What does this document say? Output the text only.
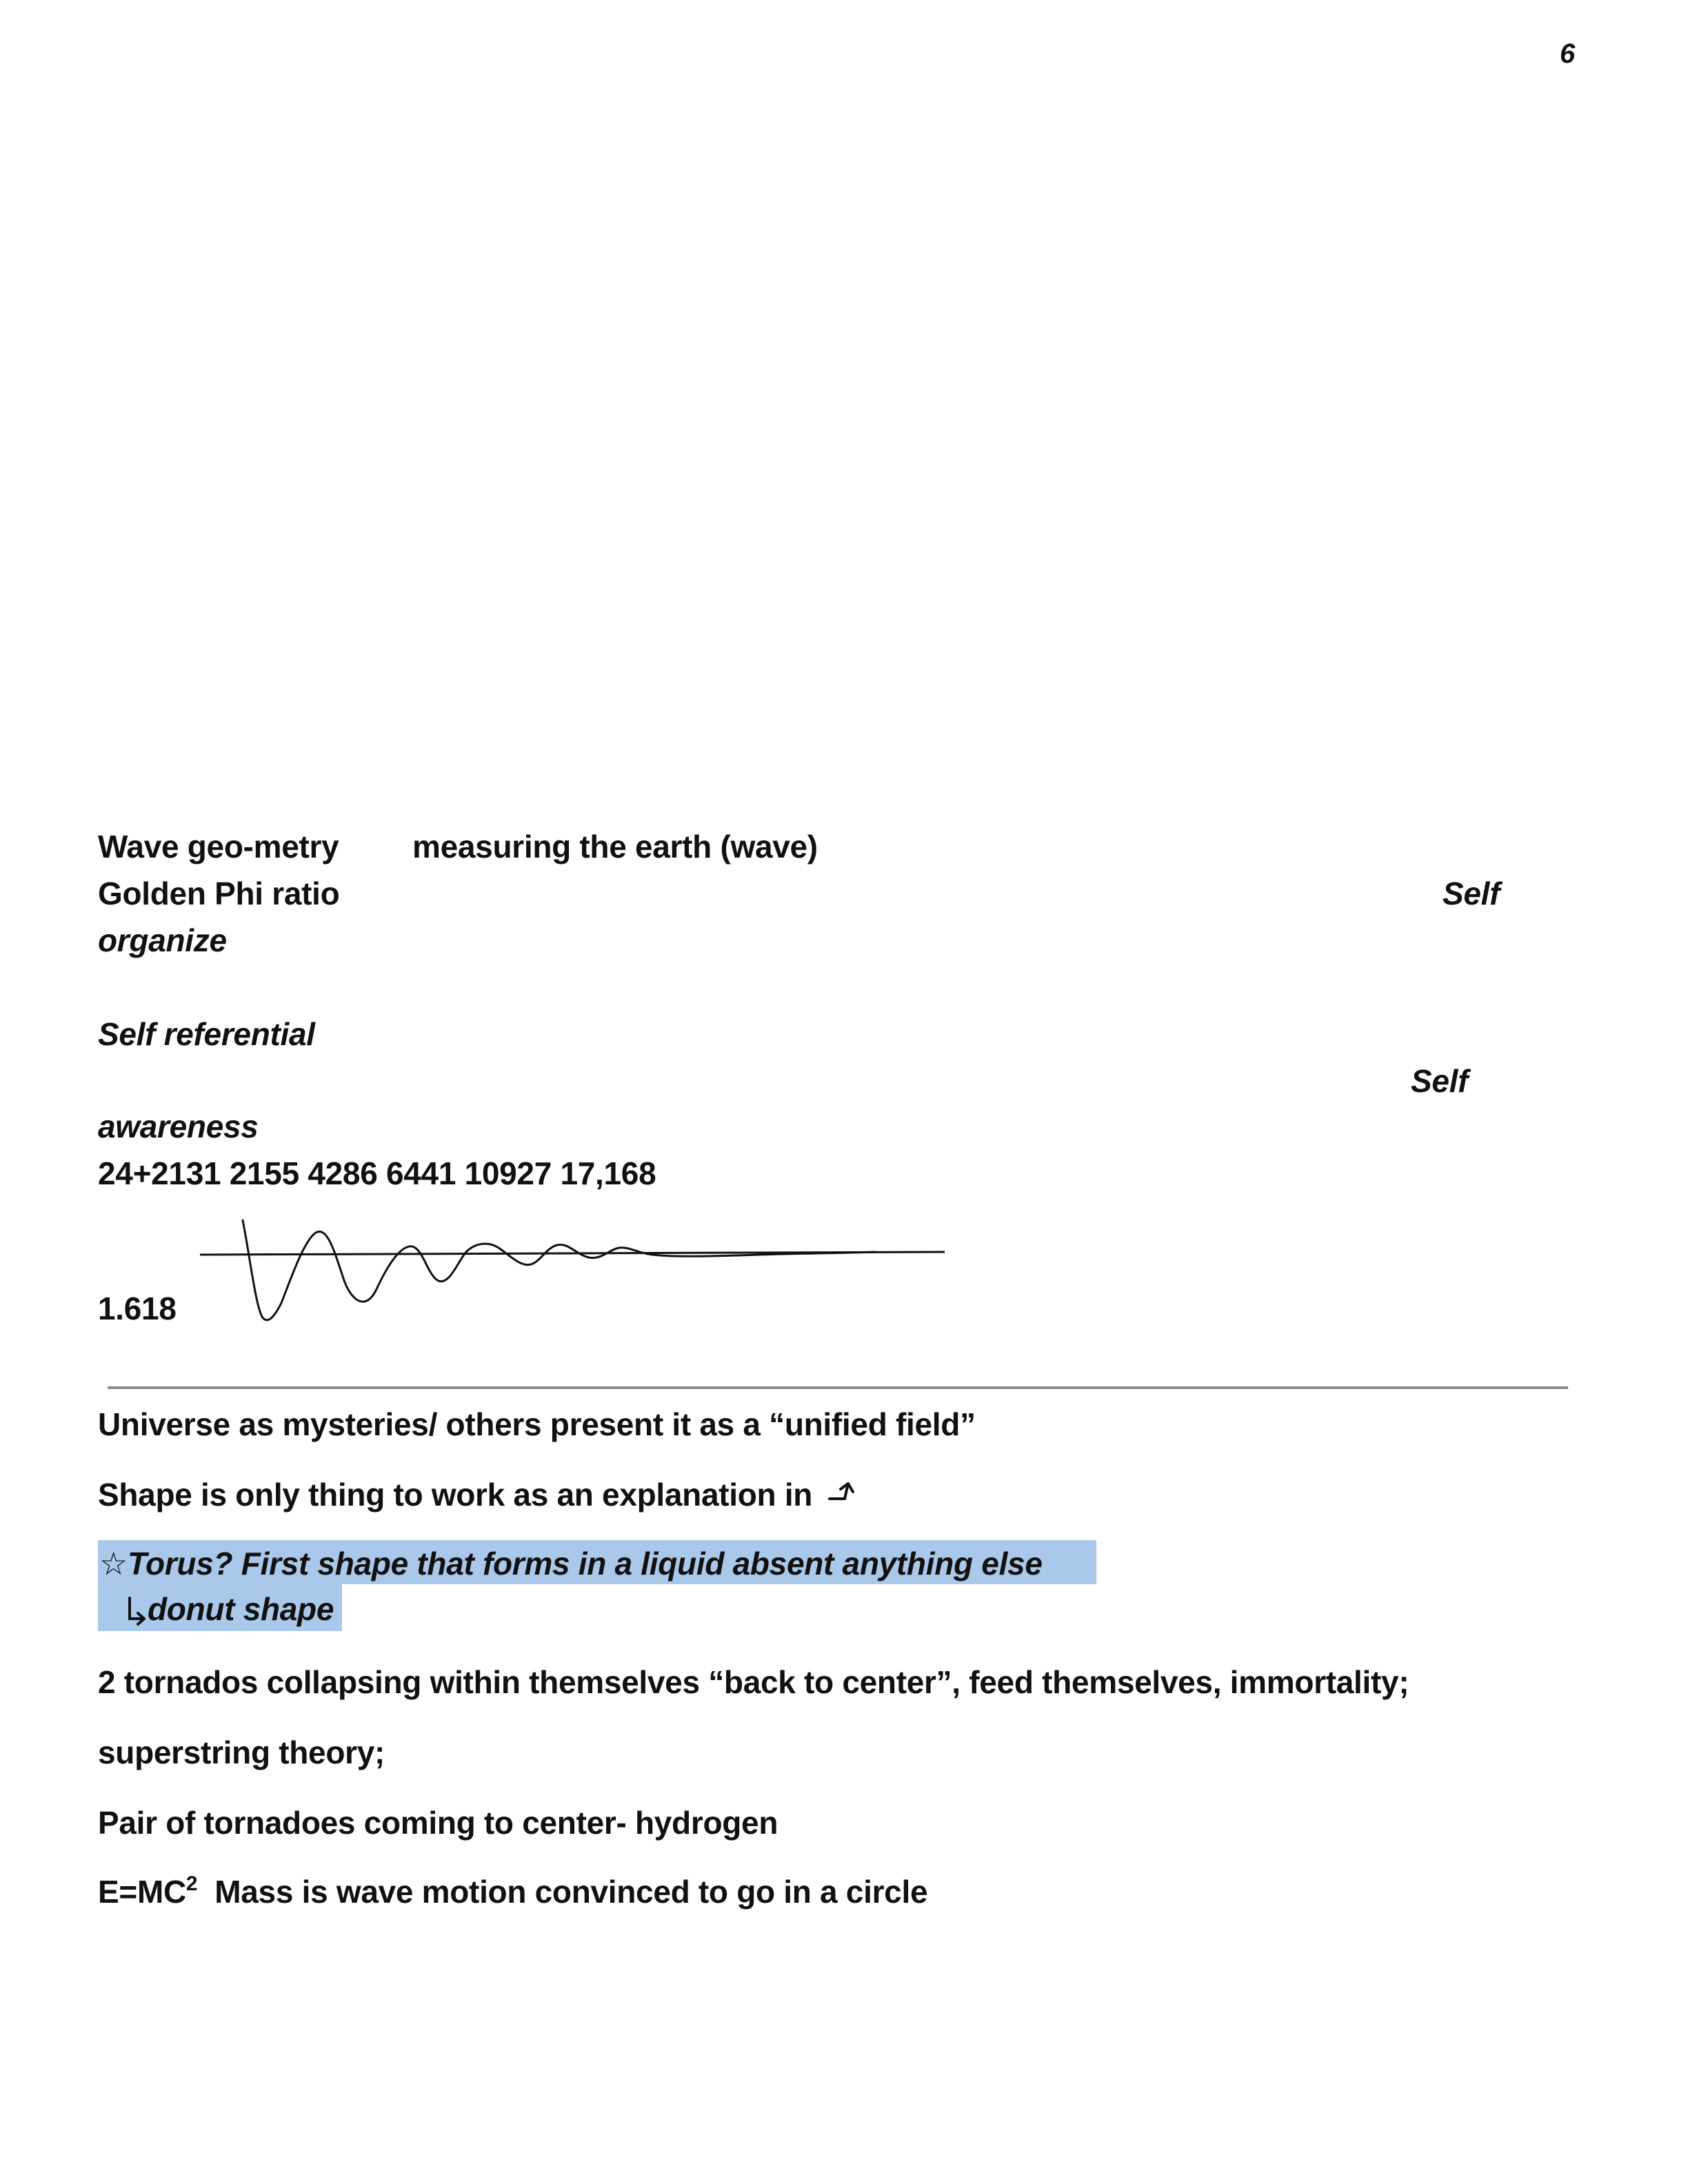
6

Wave geo-metry measuring the earth (wave)

Golden Phi ratio	Self

organize

Self referential

Self

awareness

24+2131 2155 4286 6441 10927 17,168

1.618

Universe as mysteries/ others present it as a “unified field”

Shape is only thing to work as an explanation in

☆Torus? First shape that forms in a liquid absent anything else

donut shape

2 tornados collapsing within themselves “back to center”, feed themselves, immortality;

superstring theory;

Pair of tornadoes coming to center- hydrogen

$E=MC^2$ Mass is wave motion convinced to go in a circle
